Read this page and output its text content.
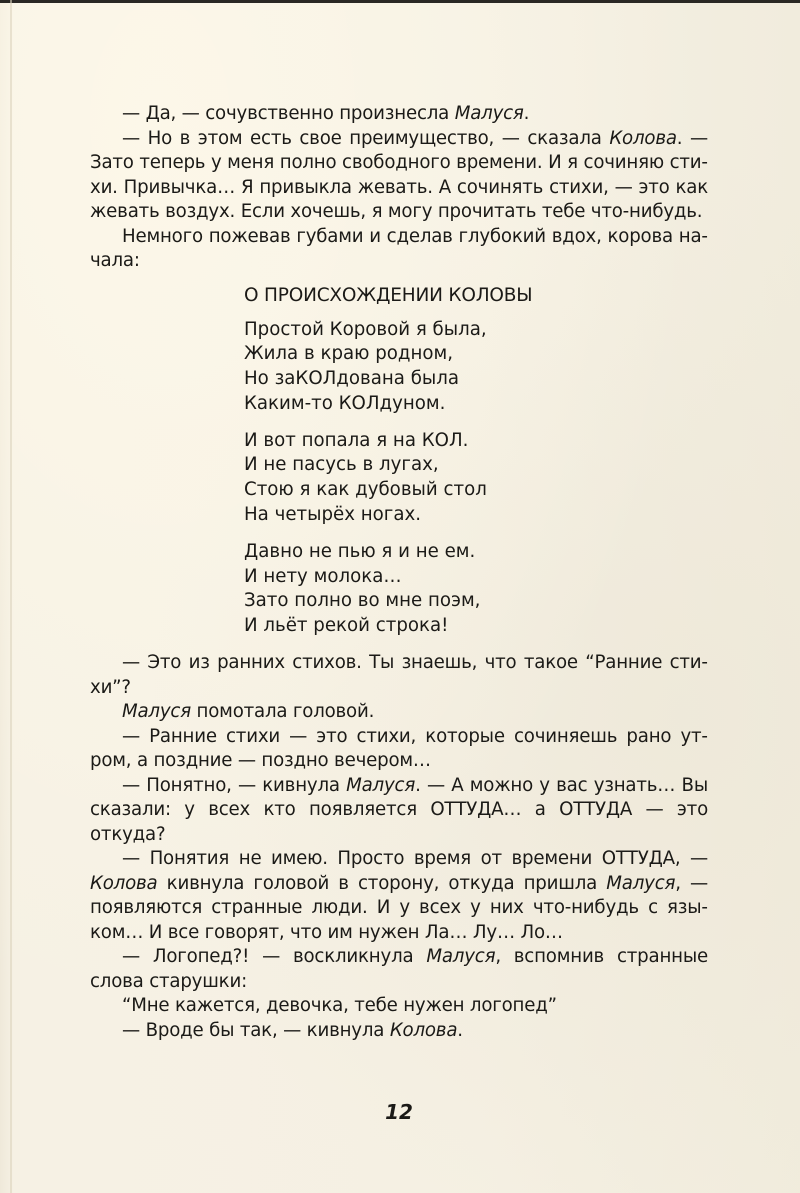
— Да, — сочувственно произнесла Малуся.

— Но в этом есть свое преимущество, — сказала Колова. — Зато теперь у меня полно свободного времени. И я сочиняю стихи. Привычка… Я привыкла жевать. А сочинять стихи, — это как жевать воздух. Если хочешь, я могу прочитать тебе что-нибудь.

Немного пожевав губами и сделав глубокий вдох, корова начала:

О ПРОИСХОЖДЕНИИ КОЛОВЫ

Простой Коровой я была,
Жила в краю родном,
Но заКОЛдована была
Каким-то КОЛдуном.
И вот попала я на КОЛ.
И не пасусь в лугах,
Стою я как дубовый стол
На четырёх ногах.
Давно не пью я и не ем.
И нету молока…
Зато полно во мне поэм,
И льёт рекой строка!

— Это из ранних стихов. Ты знаешь, что такое “Ранние стихи”?

Малуся помотала головой.

— Ранние стихи — это стихи, которые сочиняешь рано утром, а поздние — поздно вечером…

— Понятно, — кивнула Малуся. — А можно у вас узнать… Вы сказали: у всех кто появляется ОТТУДА… а ОТТУДА — это откуда?

— Понятия не имею. Просто время от времени ОТТУДА, — Колова кивнула головой в сторону, откуда пришла Малуся, — появляются странные люди. И у всех у них что-нибудь с языком… И все говорят, что им нужен Ла… Лу… Ло…

— Логопед?! — воскликнула Малуся, вспомнив странные слова старушки:

“Мне кажется, девочка, тебе нужен логопед”

— Вроде бы так, — кивнула Колова.

12
